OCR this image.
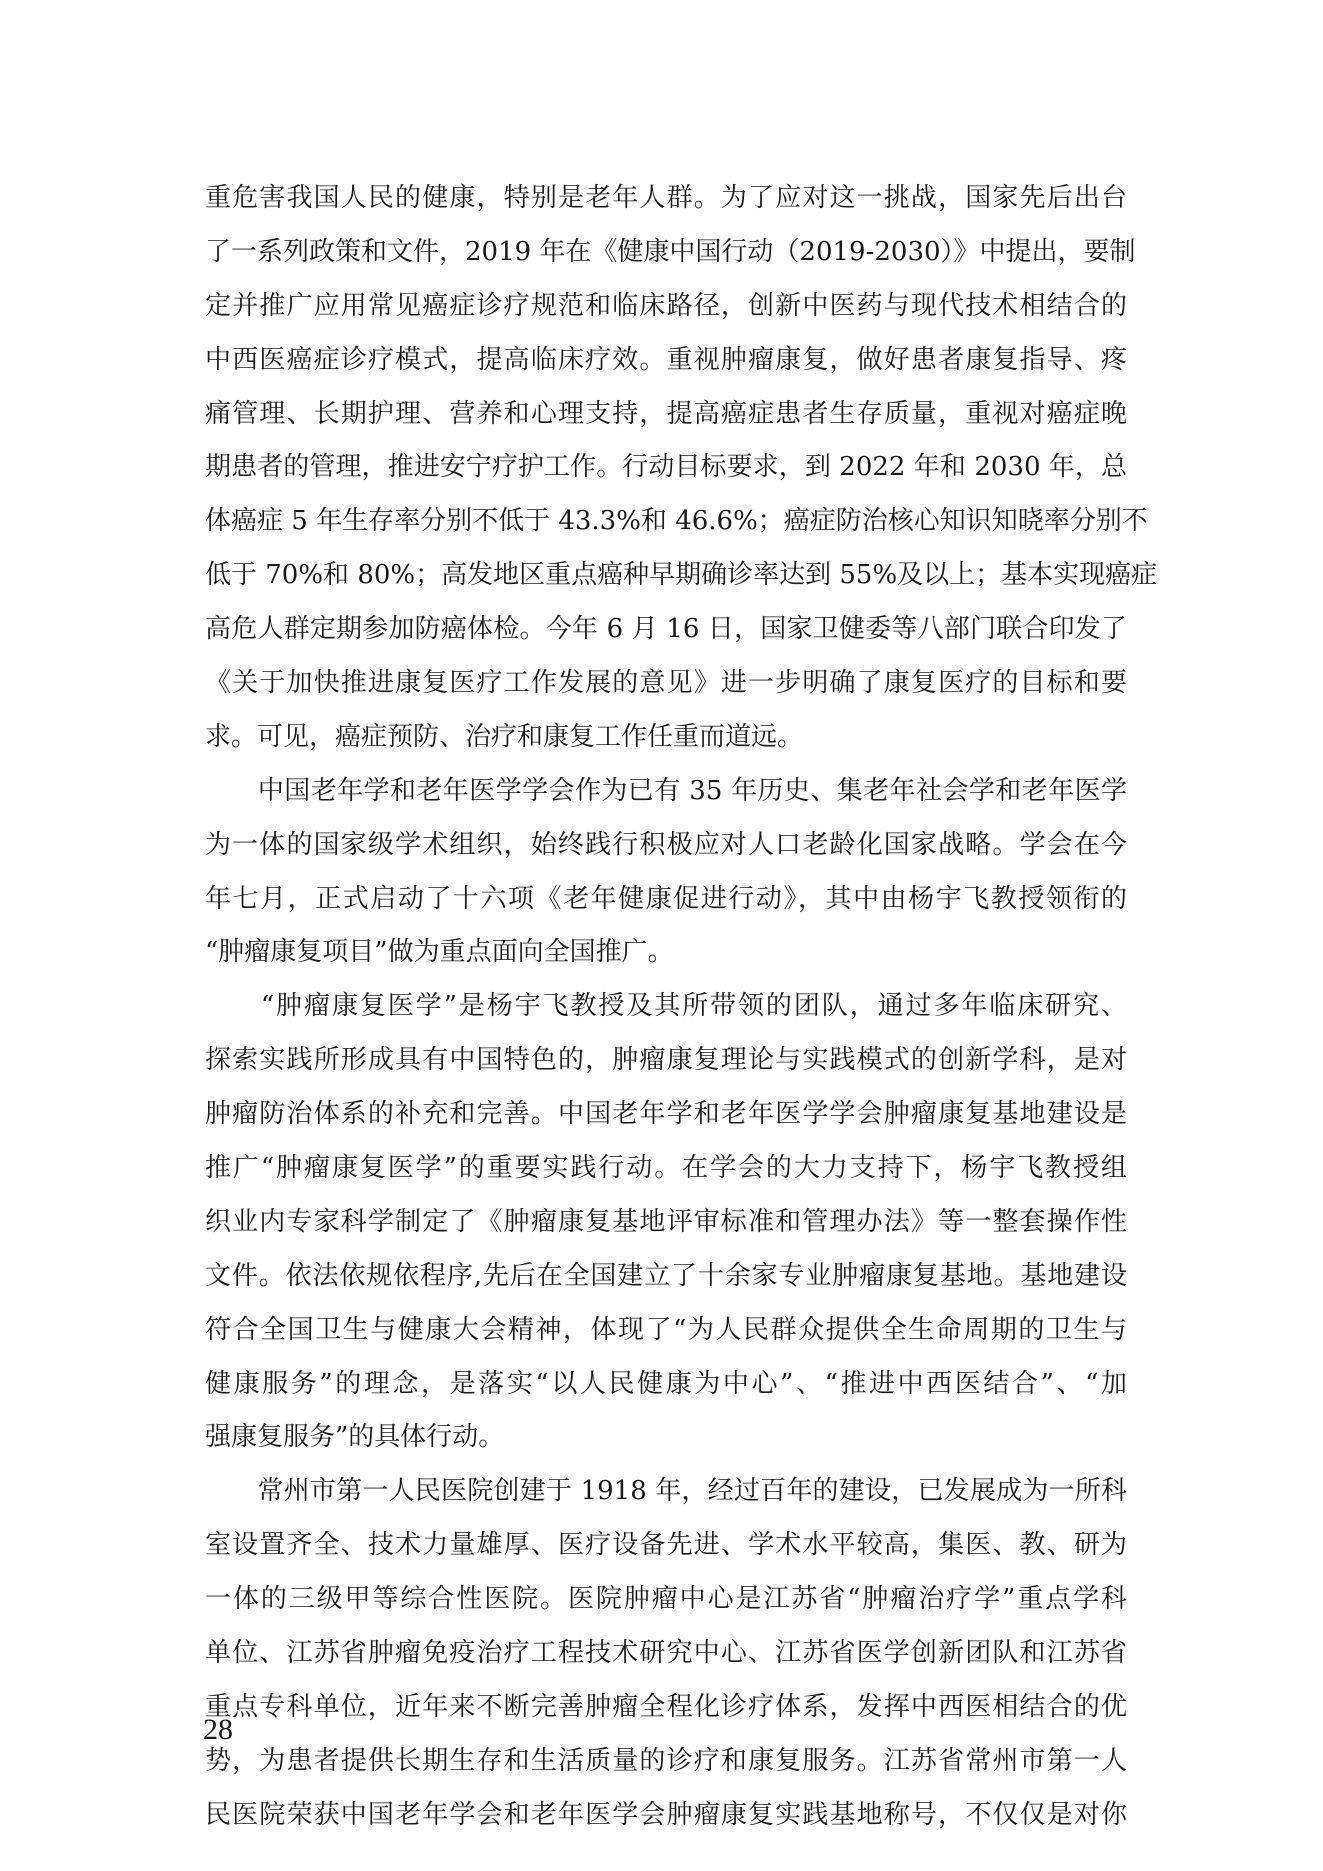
重危害我国人民的健康，特别是老年人群。为了应对这一挑战，国家先后出台
了一系列政策和文件，2019 年在《健康中国行动（2019-2030）》中提出，要制
定并推广应用常见癌症诊疗规范和临床路径，创新中医药与现代技术相结合的
中西医癌症诊疗模式，提高临床疗效。重视肿瘤康复，做好患者康复指导、疼
痛管理、长期护理、营养和心理支持，提高癌症患者生存质量，重视对癌症晚
期患者的管理，推进安宁疗护工作。行动目标要求，到 2022 年和 2030 年，总
体癌症 5 年生存率分别不低于 43.3%和 46.6%；癌症防治核心知识知晓率分别不
低于 70%和 80%；高发地区重点癌种早期确诊率达到 55%及以上；基本实现癌症
高危人群定期参加防癌体检。今年 6 月 16 日，国家卫健委等八部门联合印发了
《关于加快推进康复医疗工作发展的意见》进一步明确了康复医疗的目标和要
求。可见，癌症预防、治疗和康复工作任重而道远。
　　中国老年学和老年医学学会作为已有 35 年历史、集老年社会学和老年医学
为一体的国家级学术组织，始终践行积极应对人口老龄化国家战略。学会在今
年七月，正式启动了十六项《老年健康促进行动》，其中由杨宇飞教授领衔的
“肿瘤康复项目”做为重点面向全国推广。
　　“肿瘤康复医学”是杨宇飞教授及其所带领的团队，通过多年临床研究、
探索实践所形成具有中国特色的，肿瘤康复理论与实践模式的创新学科，是对
肿瘤防治体系的补充和完善。中国老年学和老年医学学会肿瘤康复基地建设是
推广“肿瘤康复医学”的重要实践行动。在学会的大力支持下，杨宇飞教授组
织业内专家科学制定了《肿瘤康复基地评审标准和管理办法》等一整套操作性
文件。依法依规依程序,先后在全国建立了十余家专业肿瘤康复基地。基地建设
符合全国卫生与健康大会精神，体现了“为人民群众提供全生命周期的卫生与
健康服务”的理念，是落实“以人民健康为中心”、“推进中西医结合”、“加
强康复服务”的具体行动。
　　常州市第一人民医院创建于 1918 年，经过百年的建设，已发展成为一所科
室设置齐全、技术力量雄厚、医疗设备先进、学术水平较高，集医、教、研为
一体的三级甲等综合性医院。医院肿瘤中心是江苏省“肿瘤治疗学”重点学科
单位、江苏省肿瘤免疫治疗工程技术研究中心、江苏省医学创新团队和江苏省
重点专科单位，近年来不断完善肿瘤全程化诊疗体系，发挥中西医相结合的优
势，为患者提供长期生存和生活质量的诊疗和康复服务。江苏省常州市第一人
民医院荣获中国老年学会和老年医学会肿瘤康复实践基地称号，不仅仅是对你
28
